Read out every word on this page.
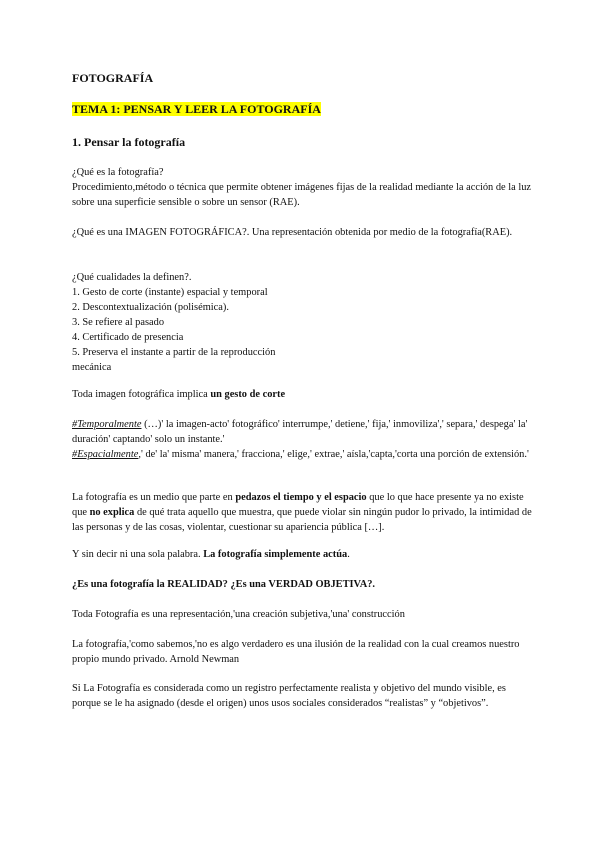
FOTOGRAFÍA

TEMA 1: PENSAR Y LEER LA FOTOGRAFÍA

1. Pensar la fotografía

¿Qué es la fotografía?

Procedimiento,método o técnica que permite obtener imágenes fijas de la realidad mediante la acción de la luz sobre una superficie sensible o sobre un sensor (RAE).

¿Qué es una IMAGEN FOTOGRÁFICA?. Una representación obtenida por medio de la fotografía(RAE).

¿Qué cualidades la definen?.

1. Gesto de corte (instante) espacial y temporal
2. Descontextualización (polisémica).
3. Se refiere al pasado
4. Certificado de presencia
5. Preserva el instante a partir de la reproducción
mecánica

Toda imagen fotográfica implica un gesto de corte

#Temporalmente (…)' la imagen-acto' fotográfico' interrumpe,' detiene,' fija,' inmoviliza',' separa,' despega' la' duración' captando' solo un instante.'

#Espacialmente,' de' la' misma' manera,' fracciona,' elige,' extrae,' aísla,'capta,'corta una porción de extensión.'

La fotografía es un medio que parte en pedazos el tiempo y el espacio que lo que hace presente ya no existe que no explica de qué trata aquello que muestra, que puede violar sin ningún pudor lo privado, la intimidad de las personas y de las cosas, violentar, cuestionar su apariencia pública […].

Y sin decir ni una sola palabra. La fotografía simplemente actúa.

¿Es una fotografía la REALIDAD? ¿Es una VERDAD OBJETIVA?.

Toda Fotografía es una representación,'una creación subjetiva,'una' construcción

La fotografía,'como sabemos,'no es algo verdadero es una ilusión de la realidad con la cual creamos nuestro propio mundo privado. Arnold Newman

Si La Fotografía es considerada como un registro perfectamente realista y objetivo del mundo visible, es porque se le ha asignado (desde el origen) unos usos sociales considerados “realistas” y “objetivos”.
